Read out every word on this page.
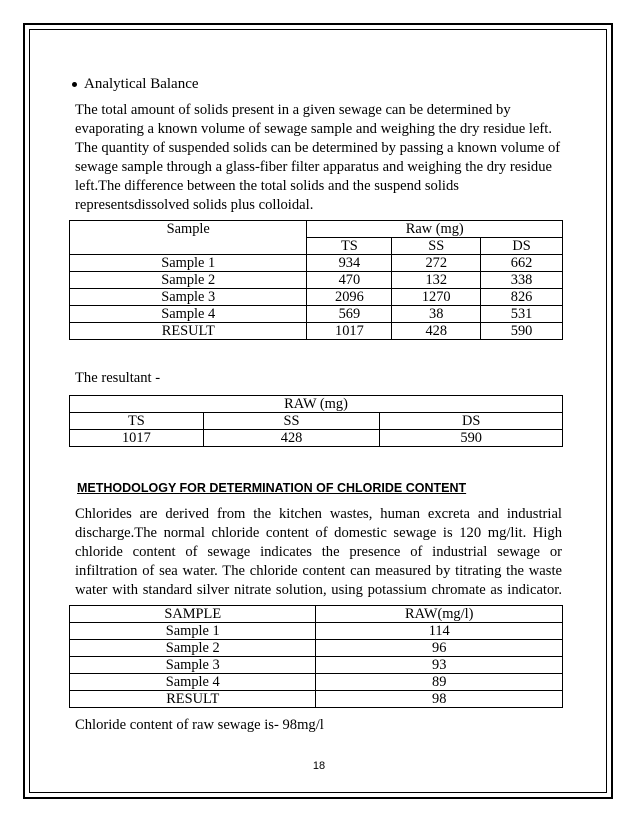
Analytical Balance
The total amount of solids present in a given sewage can be determined by
evaporating a known volume of sewage sample and weighing the dry residue left.
The quantity of suspended solids can be determined by passing a known volume of
sewage sample through a glass-fiber filter apparatus and weighing the dry residue
left.The difference between the total solids and the suspend solids
representsdissolved solids plus colloidal.
Sample	Raw (mg)		
	TS	SS	DS
Sample 1	934	272	662
Sample 2	470	132	338
Sample 3	2096	1270	826
Sample 4	569	38	531
RESULT	1017	428	590
The resultant -
RAW (mg)		
TS	SS	DS
1017	428	590
METHODOLOGY FOR DETERMINATION OF CHLORIDE CONTENT

Chlorides are derived from the kitchen wastes, human excreta and industrial

discharge.The normal chloride content of domestic sewage is 120 mg/lit. High

chloride content of sewage indicates the presence of industrial sewage or

infiltration of sea water. The chloride content can measured by titrating the waste

water with standard silver nitrate solution, using potassium chromate as indicator.

SAMPLE	RAW(mg/l)
Sample 1	114
Sample 2	96
Sample 3	93
Sample 4	89
RESULT	98
Chloride content of raw sewage is- 98mg/l
18
